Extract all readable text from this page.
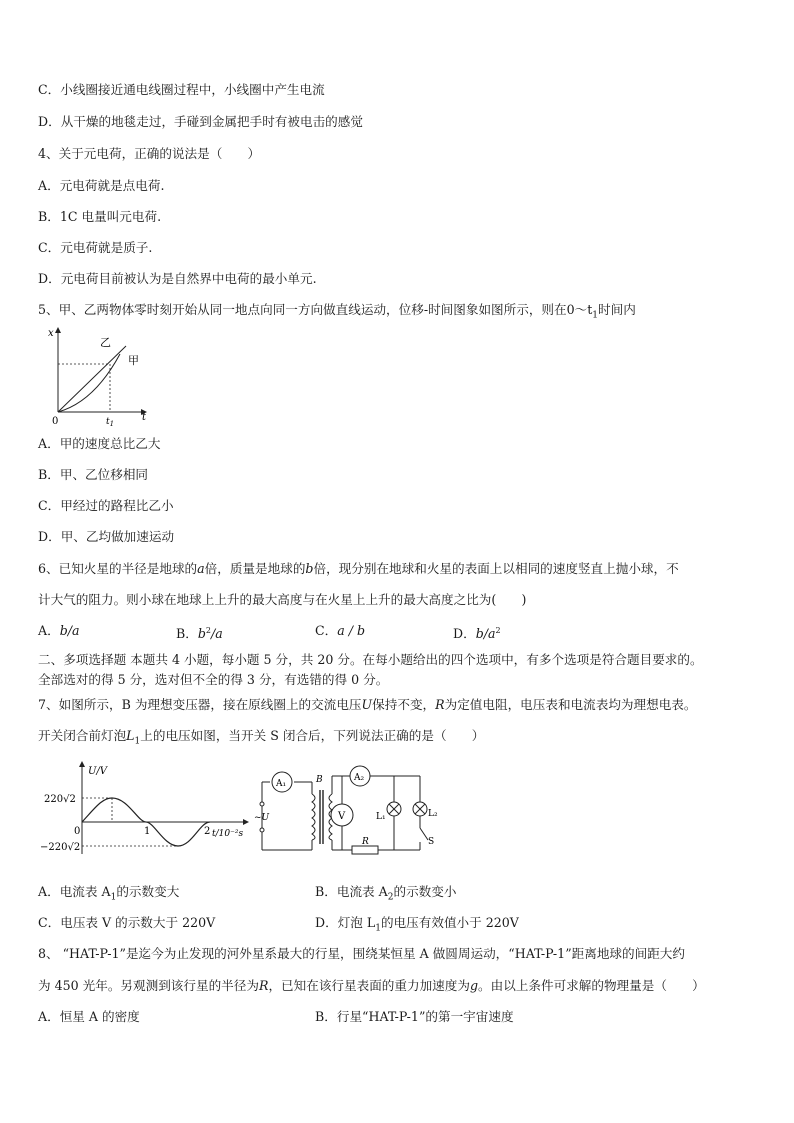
C．小线圈接近通电线圈过程中，小线圈中产生电流
D．从干燥的地毯走过，手碰到金属把手时有被电击的感觉
4、关于元电荷，正确的说法是（　　）
A．元电荷就是点电荷.
B．1C 电量叫元电荷.
C．元电荷就是质子.
D．元电荷目前被认为是自然界中电荷的最小单元.
5、甲、乙两物体零时刻开始从同一地点向同一方向做直线运动，位移-时间图象如图所示，则在$0\sim t_1$时间内
x
t
0	$t_1$
乙
甲
A．甲的速度总比乙大
B．甲、乙位移相同
C．甲经过的路程比乙小
D．甲、乙均做加速运动
6、已知火星的半径是地球的a倍，质量是地球的b倍，现分别在地球和火星的表面上以相同的速度竖直上抛小球，不
计大气的阻力。则小球在地球上上升的最大高度与在火星上上升的最大高度之比为(　　)
A．b/a	B．$b^2/a$	C．a / b	D．$b/a^2$
二、多项选择题 本题共 4 小题，每小题 5 分，共 20 分。在每小题给出的四个选项中，有多个选项是符合题目要求的。
全部选对的得 5 分，选对但不全的得 3 分，有选错的得 0 分。
7、如图所示，B 为理想变压器，接在原线圈上的交流电压U保持不变，R为定值电阻，电压表和电流表均为理想电表。
开关闭合前灯泡$L_1$上的电压如图，当开关 S 闭合后，下列说法正确的是（　　）
U/V
220√2
−220√2
0	1	2 t/10⁻²s
A₁
A₂
V
B
~U	L₁	L₂
R	S
A．电流表 $A_1$的示数变大	B．电流表 $A_2$的示数变小
C．电压表 V 的示数大于 220V	D．灯泡 $L_1$的电压有效值小于 220V
8、 “HAT-P-1”是迄今为止发现的河外星系最大的行星，围绕某恒星 A 做圆周运动，“HAT-P-1”距离地球的间距大约
为 450 光年。另观测到该行星的半径为R，已知在该行星表面的重力加速度为g。由以上条件可求解的物理量是（　　）
A．恒星 A 的密度	B．行星“HAT-P-1”的第一宇宙速度
